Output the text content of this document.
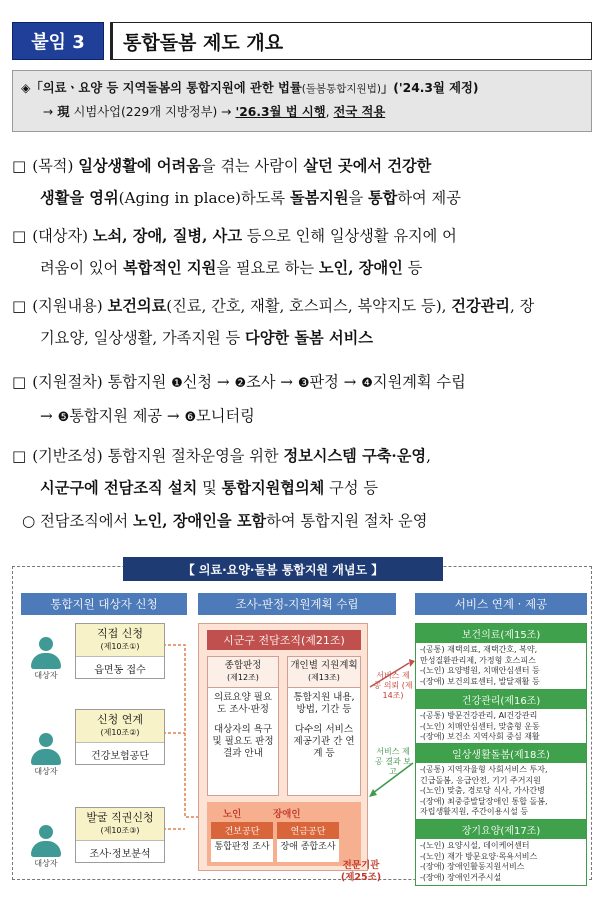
붙임 3	통합돌봄 제도 개요
◈「의료ㆍ요양 등 지역돌봄의 통합지원에 관한 법률(돌봄통합지원법)」('24.3월 제정)
→ 現 시범사업(229개 지방정부) → '26.3월 법 시행, 전국 적용
□ (목적) 일상생활에 어려움을 겪는 사람이 살던 곳에서 건강한
생활을 영위(Aging in place)하도록 돌봄지원을 통합하여 제공
□ (대상자) 노쇠, 장애, 질병, 사고 등으로 인해 일상생활 유지에 어
려움이 있어 복합적인 지원을 필요로 하는 노인, 장애인 등
□ (지원내용) 보건의료(진료, 간호, 재활, 호스피스, 복약지도 등), 건강관리, 장
기요양, 일상생활, 가족지원 등 다양한 돌봄 서비스
□ (지원절차) 통합지원 ❶신청 → ❷조사 → ❸판정 → ❹지원계획 수립
→ ❺통합지원 제공 → ❻모니터링
□ (기반조성) 통합지원 절차운영을 위한 정보시스템 구축·운영,
시군구에 전담조직 설치 및 통합지원협의체 구성 등
○ 전담조직에서 노인, 장애인을 포함하여 통합지원 절차 운영
【 의료·요양·돌봄 통합지원 개념도 】
통합지원 대상자 신청	조사-판정-지원계획 수립	서비스 연계 · 제공
대상자
대상자
대상자
직접 신청
(제10조①)
읍면동 접수
신청 연계
(제10조②)
건강보험공단
발굴 직권신청
(제10조③)
조사·정보분석
시군구 전담조직(제21조)
종합판정
(제12조)
의료요양 필요도 조사·판정
대상자의 욕구 및 필요도 판정 결과 안내
개인별 지원계획
(제13조)
통합지원 내용, 방법, 기간 등
다수의 서비스 제공기관 간 연계 등
노인	장애인
건보공단
통합판정 조사
연금공단
장애 종합조사
전문기관 (제25조)
서비스 제공 의뢰 (제14조)
서비스 제공 결과 보고
보건의료(제15조)
-(공통) 재택의료, 재택간호, 복약,
만성질환관리제, 가정형 호스피스
-(노인) 요양병원, 치매안심센터 등
-(장애) 보건의료센터, 발달재활 등
건강관리(제16조)
-(공통) 방문건강관리, AI건강관리
-(노인) 치매안심센터, 맞춤형 운동
-(장애) 보건소 지역사회 중심 재활
일상생활돌봄(제18조)
-(공통) 지역자율형 사회서비스 투자,
긴급돌봄, 응급안전, 기기 주거지원
-(노인) 맞춤, 경로당 식사, 가사간병
-(장애) 최중증발달장애인 통합 돌봄,
자립생활지원, 주간이용시설 등
장기요양(제17조)
-(노인) 요양시설, 데이케어센터
-(노인) 재가 방문요양·목욕서비스
-(장애) 장애인활동지원서비스
-(장애) 장애인거주시설
